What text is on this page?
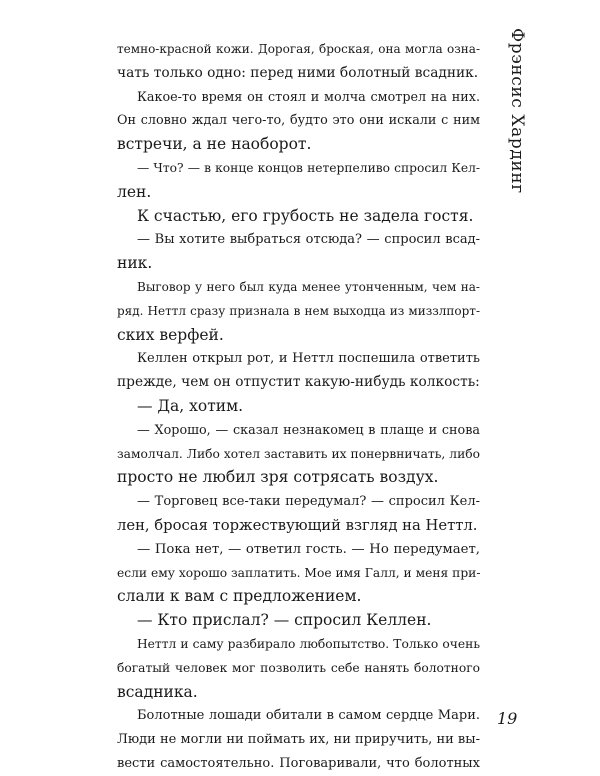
темно-красной кожи. Дорогая, броская, она могла озна-
чать только одно: перед ними болотный всадник.
Какое-то время он стоял и молча смотрел на них.
Он словно ждал чего-то, будто это они искали с ним
встречи, а не наоборот.
— Что? — в конце концов нетерпеливо спросил Кел-
лен.
К счастью, его грубость не задела гостя.
— Вы хотите выбраться отсюда? — спросил всад-
ник.
Выговор у него был куда менее утонченным, чем на-
ряд. Неттл сразу признала в нем выходца из миззлпорт-
ских верфей.
Келлен открыл рот, и Неттл поспешила ответить
прежде, чем он отпустит какую-нибудь колкость:
— Да, хотим.
— Хорошо, — сказал незнакомец в плаще и снова
замолчал. Либо хотел заставить их понервничать, либо
просто не любил зря сотрясать воздух.
— Торговец все-таки передумал? — спросил Кел-
лен, бросая торжествующий взгляд на Неттл.
— Пока нет, — ответил гость. — Но передумает,
если ему хорошо заплатить. Мое имя Галл, и меня при-
слали к вам с предложением.
— Кто прислал? — спросил Келлен.
Неттл и саму разбирало любопытство. Только очень
богатый человек мог позволить себе нанять болотного
всадника.
Болотные лошади обитали в самом сердце Мари.
Люди не могли ни поймать их, ни приручить, ни вы-
вести самостоятельно. Поговаривали, что болотных
Фрэнсис Хардинг
19
